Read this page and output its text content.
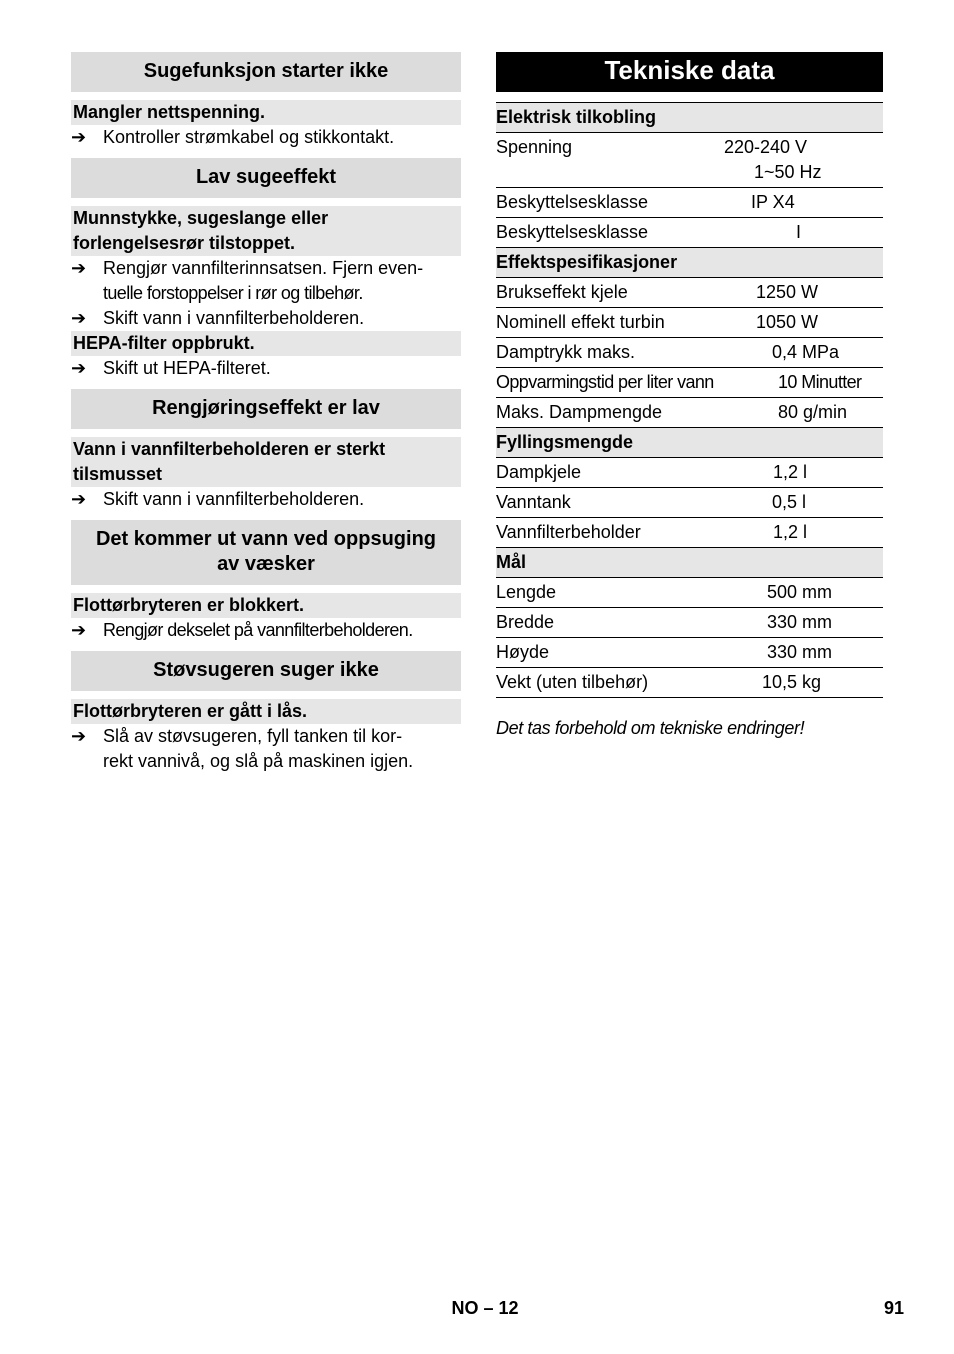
Sugefunksjon starter ikke
Mangler nettspenning.
➔ Kontroller strømkabel og stikkontakt.
Lav sugeeffekt
Munnstykke, sugeslange eller
forlengelsesrør tilstoppet.
➔ Rengjør vannfilterinnsatsen. Fjern even-
tuelle forstoppelser i rør og tilbehør.
➔ Skift vann i vannfilterbeholderen.
HEPA-filter oppbrukt.
➔ Skift ut HEPA-filteret.
Rengjøringseffekt er lav
Vann i vannfilterbeholderen er sterkt
tilsmusset
➔ Skift vann i vannfilterbeholderen.
Det kommer ut vann ved oppsuging
av væsker
Flottørbryteren er blokkert.
➔ Rengjør dekselet på vannfilterbeholderen.
Støvsugeren suger ikke
Flottørbryteren er gått i lås.
➔ Slå av støvsugeren, fyll tanken til kor-
rekt vannivå, og slå på maskinen igjen.
Tekniske data
Elektrisk tilkobling
Spenning	220-240 V
1~50 Hz
Beskyttelsesklasse	IP X4
Beskyttelsesklasse	I
Effektspesifikasjoner
Brukseffekt kjele	1250 W
Nominell effekt turbin	1050 W
Damptrykk maks.	0,4 MPa
Oppvarmingstid per liter vann	10 Minutter
Maks. Dampmengde	80 g/min
Fyllingsmengde
Dampkjele	1,2 l
Vanntank	0,5 l
Vannfilterbeholder	1,2 l
Mål
Lengde	500 mm
Bredde	330 mm
Høyde	330 mm
Vekt (uten tilbehør)	10,5 kg
Det tas forbehold om tekniske endringer!
NO – 12	91
